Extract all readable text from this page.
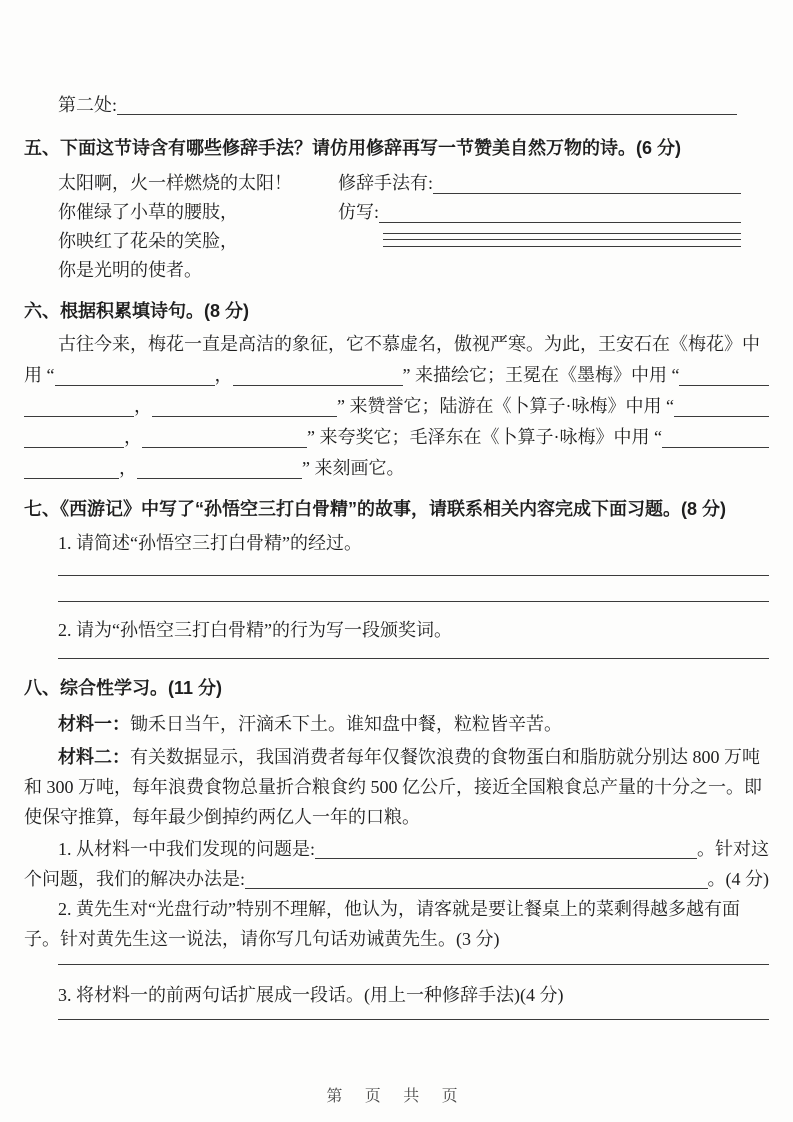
第二处:
五、下面这节诗含有哪些修辞手法？请仿用修辞再写一节赞美自然万物的诗。(6 分)
太阳啊，火一样燃烧的太阳！
你催绿了小草的腰肢，
你映红了花朵的笑脸，
你是光明的使者。
修辞手法有:
仿写:
六、根据积累填诗句。(8 分)
古往今来，梅花一直是高洁的象征，它不慕虚名，傲视严寒。为此，王安石在《梅花》中
用 “	，	” 来描绘它；王冕在《墨梅》中用 “
，	” 来赞誉它；陆游在《卜算子·咏梅》中用 “
，	” 来夸奖它；毛泽东在《卜算子·咏梅》中用 “
，	” 来刻画它。
七、《西游记》中写了“孙悟空三打白骨精”的故事，请联系相关内容完成下面习题。(8 分)
1. 请简述“孙悟空三打白骨精”的经过。
2. 请为“孙悟空三打白骨精”的行为写一段颁奖词。
八、综合性学习。(11 分)
材料一：锄禾日当午，汗滴禾下土。谁知盘中餐，粒粒皆辛苦。
材料二：有关数据显示，我国消费者每年仅餐饮浪费的食物蛋白和脂肪就分别达 800 万吨
和 300 万吨，每年浪费食物总量折合粮食约 500 亿公斤，接近全国粮食总产量的十分之一。即
使保守推算，每年最少倒掉约两亿人一年的口粮。
1. 从材料一中我们发现的问题是:	。针对这
个问题，我们的解决办法是:	。(4 分)
2. 黄先生对“光盘行动”特别不理解，他认为，请客就是要让餐桌上的菜剩得越多越有面
子。针对黄先生这一说法，请你写几句话劝诫黄先生。(3 分)
3. 将材料一的前两句话扩展成一段话。(用上一种修辞手法)(4 分)
第 页 共 页
